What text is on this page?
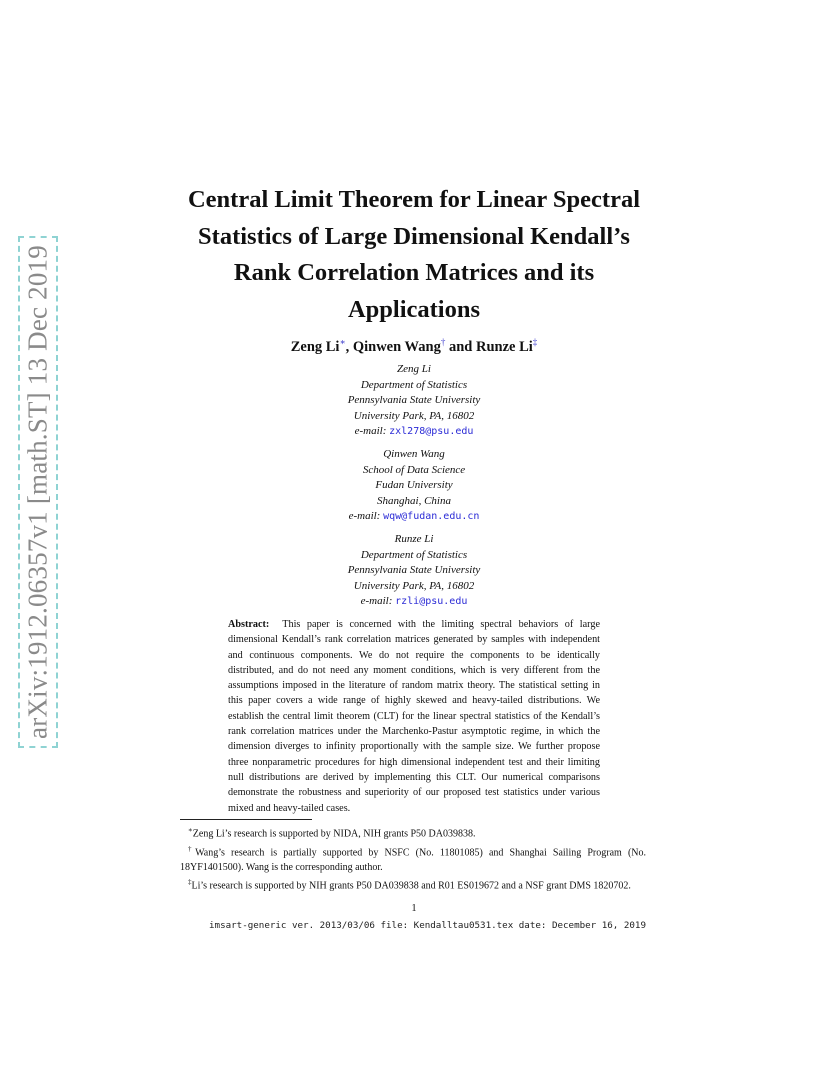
arXiv:1912.06357v1 [math.ST] 13 Dec 2019
Central Limit Theorem for Linear Spectral
Statistics of Large Dimensional Kendall’s
Rank Correlation Matrices and its
Applications
Zeng Li∗, Qinwen Wang† and Runze Li‡
Zeng Li
Department of Statistics
Pennsylvania State University
University Park, PA, 16802
e-mail: zxl278@psu.edu
Qinwen Wang
School of Data Science
Fudan University
Shanghai, China
e-mail: wqw@fudan.edu.cn
Runze Li
Department of Statistics
Pennsylvania State University
University Park, PA, 16802
e-mail: rzli@psu.edu

Abstract: This paper is concerned with the limiting spectral behaviors of large dimensional Kendall’s rank correlation matrices generated by samples with independent and continuous components. We do not require the components to be identically distributed, and do not need any moment conditions, which is very different from the assumptions imposed in the literature of random matrix theory. The statistical setting in this paper covers a wide range of highly skewed and heavy-tailed distributions. We establish the central limit theorem (CLT) for the linear spectral statistics of the Kendall’s rank correlation matrices under the Marchenko-Pastur asymptotic regime, in which the dimension diverges to infinity proportionally with the sample size. We further propose three nonparametric procedures for high dimensional independent test and their limiting null distributions are derived by implementing this CLT. Our numerical comparisons demonstrate the robustness and superiority of our proposed test statistics under various mixed and heavy-tailed cases.

∗Zeng Li’s research is supported by NIDA, NIH grants P50 DA039838.
†Wang’s research is partially supported by NSFC (No. 11801085) and Shanghai Sailing Program (No. 18YF1401500). Wang is the corresponding author.
‡Li’s research is supported by NIH grants P50 DA039838 and R01 ES019672 and a NSF grant DMS 1820702.
1
imsart-generic ver. 2013/03/06 file: Kendalltau0531.tex date: December 16, 2019
